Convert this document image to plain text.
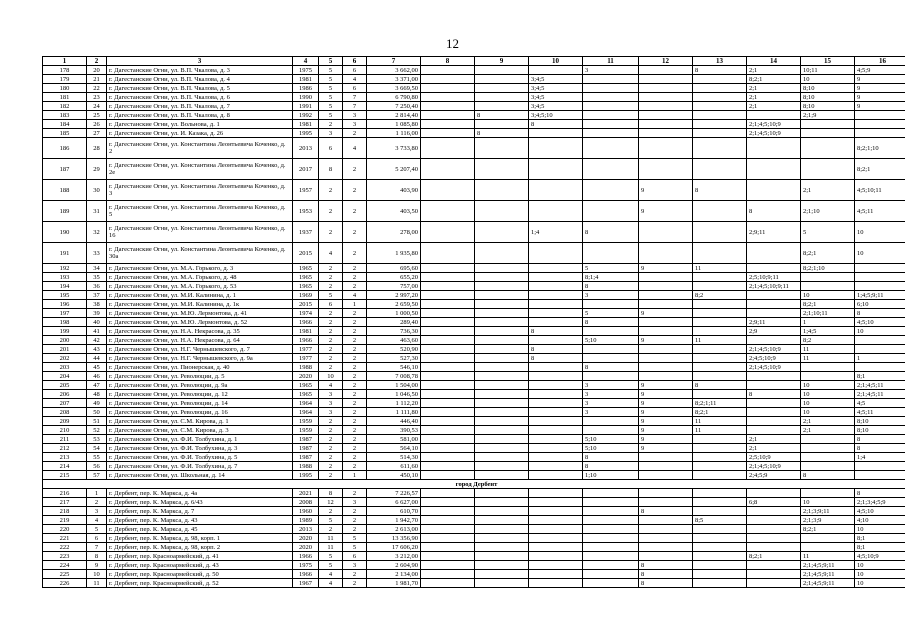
12
1	2	3	4	5	6	7	8	9	10	11	12	13	14	15	16
178	20	г. Дагестанские Огни, ул. В.П. Чкалова, д. 3	1975	5	6	3 662,00				3		8	2;1	10;11	4;5;9
179	21	г. Дагестанские Огни, ул. В.П. Чкалова, д. 4	1981	5	4	3 371,00			3;4;5				8;2;1	10	9
180	22	г. Дагестанские Огни, ул. В.П. Чкалова, д. 5	1986	5	6	3 669,50			3;4;5				2;1	8;10	9
181	23	г. Дагестанские Огни, ул. В.П. Чкалова, д. 6	1990	5	7	6 790,80			3;4;5				2;1	8;10	9
182	24	г. Дагестанские Огни, ул. В.П. Чкалова, д. 7	1991	5	7	7 250,40			3;4;5				2;1	8;10	9
183	25	г. Дагестанские Огни, ул. В.П. Чкалова, д. 8	1992	5	3	2 814,40		8	3;4;5;10					2;1;9	
184	26	г. Дагестанские Огни, ул. Вольнова, д. 1	1981	2	3	1 085,80			8				2;1;4;5;10;9		
185	27	г. Дагестанские Огни, ул. И. Казака, д. 26	1995	3	2	1 116,00		8					2;1;4;5;10;9		
186	28	г. Дагестанские Огни, ул. Константина Леонтьевича Коченко, д. 2	2013	6	4	3 733,80									8;2;1;10
187	29	г. Дагестанские Огни, ул. Константина Леонтьевича Коченко, д. 2е	2017	8	2	5 207,40									8;2;1
188	30	г. Дагестанские Огни, ул. Константина Леонтьевича Коченко, д. 3	1957	2	2	403,90					9	8		2;1	4;5;10;11
189	31	г. Дагестанские Огни, ул. Константина Леонтьевича Коченко, д. 5	1953	2	2	403,50					9		8	2;1;10	4;5;11
190	32	г. Дагестанские Огни, ул. Константина Леонтьевича Коченко, д. 16	1937	2	2	278,00			1;4	8			2;9;11	5	10
191	33	г. Дагестанские Огни, ул. Константина Леонтьевича Коченко, д. 30а	2015	4	2	1 935,80								8;2;1	10
192	34	г. Дагестанские Огни, ул. М.А. Горького, д. 3	1965	2	2	695,60				5	9	11		8;2;1;10	
193	35	г. Дагестанские Огни, ул. М.А. Горького, д. 48	1965	2	2	655,20				8;1;4			2;5;10;9;11		
194	36	г. Дагестанские Огни, ул. М.А. Горького, д. 53	1965	2	2	757,00				8			2;1;4;5;10;9;11		
195	37	г. Дагестанские Огни, ул. М.И. Калинина, д. 1	1969	5	4	2 997,20				3		8;2		10	1;4;5;9;11
196	38	г. Дагестанские Огни, ул. М.И. Калинина, д. 1к	2015	6	1	2 659,50								8;2;1	6;10
197	39	г. Дагестанские Огни, ул. М.Ю. Лермонтова, д. 41	1974	2	2	1 000,50				5	9			2;1;10;11	8
198	40	г. Дагестанские Огни, ул. М.Ю. Лермонтова, д. 52	1966	2	2	289,40				8			2;9;11	1	4;5;10
199	41	г. Дагестанские Огни, ул. Н.А. Некрасова, д. 35	1981	2	2	736,30			8				2;9	1;4;5	10
200	42	г. Дагестанские Огни, ул. Н.А. Некрасова, д. 64	1966	2	2	463,60				5;10	9	11		8;2	
201	43	г. Дагестанские Огни, ул. Н.Г. Чернышевского, д. 7	1977	2	2	520,90			8				2;1;4;5;10;9	11	
202	44	г. Дагестанские Огни, ул. Н.Г. Чернышевского, д. 9а	1977	2	2	527,30			8				2;4;5;10;9	11	1
203	45	г. Дагестанские Огни, ул. Пионерская, д. 40	1988	2	2	546,10				8			2;1;4;5;10;9		
204	46	г. Дагестанские Огни, ул. Революции, д. 5	2020	10	2	7 008,78									8;1
205	47	г. Дагестанские Огни, ул. Революции, д. 9а	1965	4	2	1 504,00				3	9	8		10	2;1;4;5;11
206	48	г. Дагестанские Огни, ул. Революции, д. 12	1965	3	2	1 046,50				3	9		8	10	2;1;4;5;11
207	49	г. Дагестанские Огни, ул. Революции, д. 14	1964	3	2	1 112,20				3	9	8;2;1;11		10	4;5
208	50	г. Дагестанские Огни, ул. Революции, д. 16	1964	3	2	1 111,80				3	9	8;2;1		10	4;5;11
209	51	г. Дагестанские Огни, ул. С.М. Кирова, д. 1	1959	2	2	446,40					9	11		2;1	8;10
210	52	г. Дагестанские Огни, ул. С.М. Кирова, д. 3	1959	2	2	390,53					9	11		2;1	8;10
211	53	г. Дагестанские Огни, ул. Ф.И. Толбухина, д. 1	1987	2	2	581,00				5;10	9		2;1		8
212	54	г. Дагестанские Огни, ул. Ф.И. Толбухина, д. 3	1987	2	2	564,10				5;10	9		2;1		8
213	55	г. Дагестанские Огни, ул. Ф.И. Толбухина, д. 5	1987	2	2	514,30				8			2;5;10;9		1;4
214	56	г. Дагестанские Огни, ул. Ф.И. Толбухина, д. 7	1988	2	2	611,60				8			2;1;4;5;10;9		
215	57	г. Дагестанские Огни, ул. Школьная, д. 14	1995	2	1	450,10				1;10			2;4;5;9	8	
город Дербент															
216	1	г. Дербент, пер. К. Маркса, д. 4а	2021	8	2	7 226,57									8
217	2	г. Дербент, пер. К. Маркса, д. 6/43	2008	12	3	6 627,00							6;8	10	2;1;3;4;5;9
218	3	г. Дербент, пер. К. Маркса, д. 7	1960	2	2	610,70					8			2;1;3;9;11	4;5;10
219	4	г. Дербент, пер. К. Маркса, д. 43	1989	5	2	1 942,70						8;5		2;1;3;9	4;10
220	5	г. Дербент, пер. К. Маркса, д. 45	2013	2	2	2 613,00								8;2;1	10
221	6	г. Дербент, пер. К. Маркса, д. 98, корп. 1	2020	11	5	13 356,90									8;1
222	7	г. Дербент, пер. К. Маркса, д. 98, корп. 2	2020	11	5	17 606,20									8;1
223	8	г. Дербент, пер. Красноармейский, д. 41	1966	5	6	3 212,00							8;2;1	11	4;5;10;9
224	9	г. Дербент, пер. Красноармейский, д. 43	1975	5	3	2 604,90					8			2;1;4;5;9;11	10
225	10	г. Дербент, пер. Красноармейский, д. 50	1966	4	2	2 134,00					8			2;1;4;5;9;11	10
226	11	г. Дербент, пер. Красноармейский, д. 52	1967	4	2	1 981,70					8			2;1;4;5;9;11	10
